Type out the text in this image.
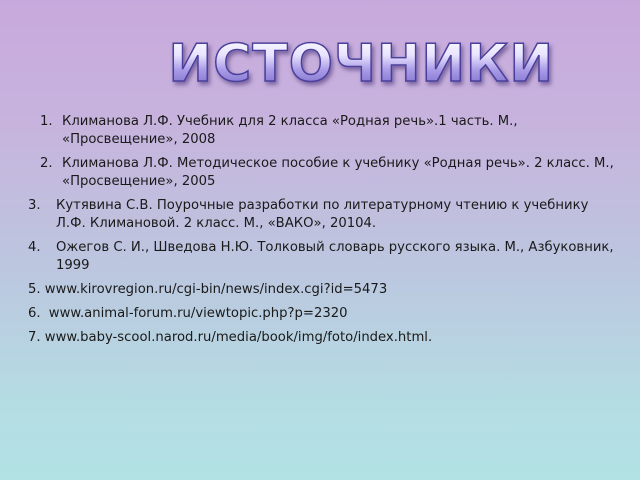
ИСТОЧНИКИ
1. Климанова Л.Ф. Учебник для 2 класса «Родная речь».1 часть. М., «Просвещение», 2008
2. Климанова Л.Ф. Методическое пособие к учебнику «Родная речь». 2 класс. М., «Просвещение», 2005
3. Кутявина С.В. Поурочные разработки по литературному чтению к учебнику Л.Ф. Климановой. 2 класс. М., «ВАКО», 20104.
4. Ожегов С. И., Шведова Н.Ю. Толковый словарь русского языка. М., Азбуковник, 1999
5. www.kirovregion.ru/cgi-bin/news/index.cgi?id=5473
6. www.animal-forum.ru/viewtopic.php?p=2320
7. www.baby-scool.narod.ru/media/book/img/foto/index.html.
